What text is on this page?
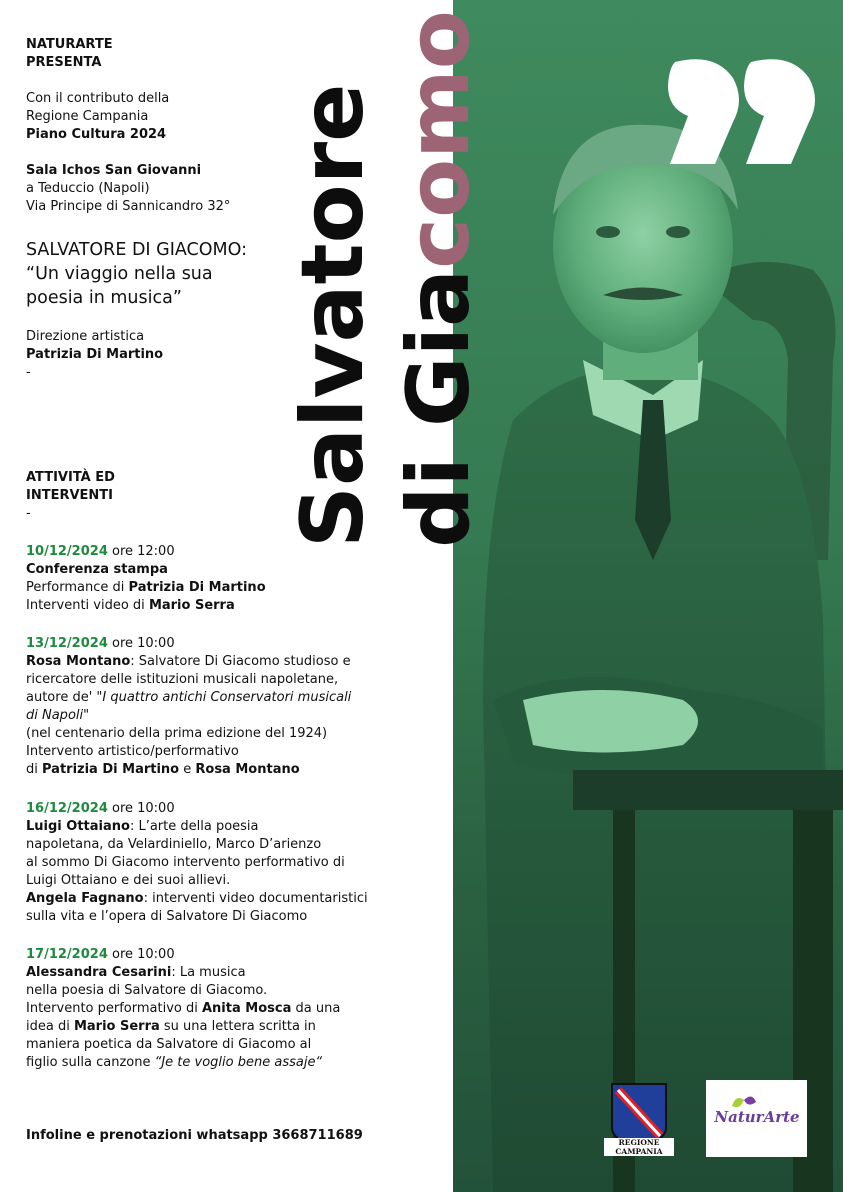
NATURARTE
PRESENTA
Con il contributo della
Regione Campania
Piano Cultura 2024
Sala Ichos San Giovanni
a Teduccio (Napoli)
Via Principe di Sannicandro 32°
SALVATORE DI GIACOMO:
“Un viaggio nella sua
poesia in musica”
Direzione artistica
Patrizia Di Martino
-
ATTIVITÀ ED
INTERVENTI
-
10/12/2024 ore 12:00
Conferenza stampa
Performance di Patrizia Di Martino
Interventi video di Mario Serra
13/12/2024 ore 10:00
Rosa Montano: Salvatore Di Giacomo studioso e
ricercatore delle istituzioni musicali napoletane,
autore de' "I quattro antichi Conservatori musicali
di Napoli"
(nel centenario della prima edizione del 1924)
Intervento artistico/performativo
di Patrizia Di Martino e Rosa Montano
16/12/2024 ore 10:00
Luigi Ottaiano: L’arte della poesia
napoletana, da Velardiniello, Marco D’arienzo
al sommo Di Giacomo intervento performativo di
Luigi Ottaiano e dei suoi allievi.
Angela Fagnano: interventi video documentaristici
sulla vita e l’opera di Salvatore Di Giacomo
17/12/2024 ore 10:00
Alessandra Cesarini: La musica
nella poesia di Salvatore di Giacomo.
Intervento performativo di Anita Mosca da una
idea di Mario Serra su una lettera scritta in
maniera poetica da Salvatore di Giacomo al
figlio sulla canzone “Je te voglio bene assaje“
Infoline e prenotazioni whatsapp 3668711689
Salvatore di Giacomo
REGIONE CAMPANIA
NaturArte
